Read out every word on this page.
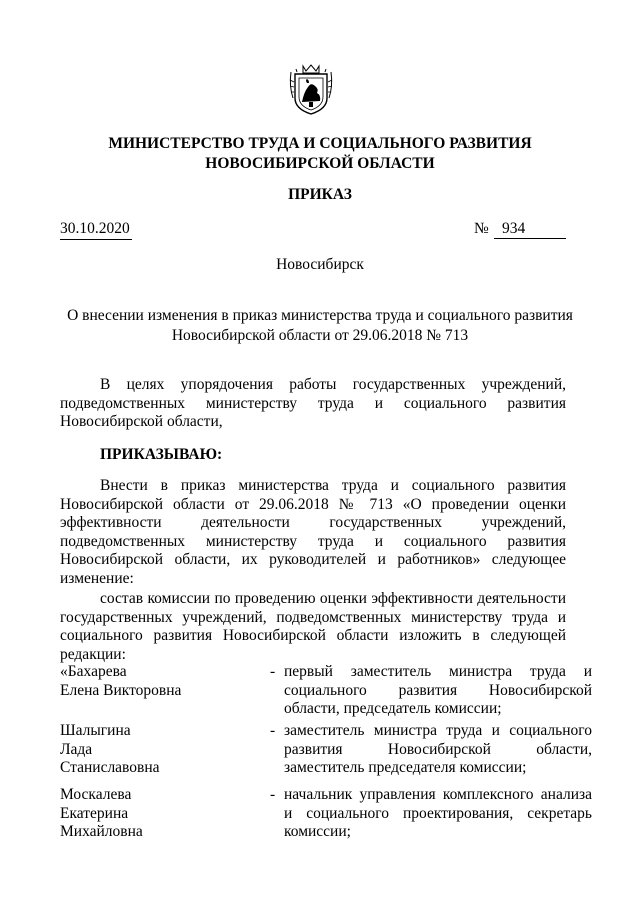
МИНИСТЕРСТВО ТРУДА И СОЦИАЛЬНОГО РАЗВИТИЯ
НОВОСИБИРСКОЙ ОБЛАСТИ
ПРИКАЗ
30.10.2020	№ 934
Новосибирск
О внесении изменения в приказ министерства труда и социального развития
Новосибирской области от 29.06.2018 № 713
В целях упорядочения работы государственных учреждений, подведомственных министерству труда и социального развития Новосибирской области,
ПРИКАЗЫВАЮ:
Внести в приказ министерства труда и социального развития Новосибирской области от 29.06.2018 № 713 «О проведении оценки эффективности деятельности государственных учреждений, подведомственных министерству труда и социального развития Новосибирской области, их руководителей и работников» следующее изменение:
состав комиссии по проведению оценки эффективности деятельности государственных учреждений, подведомственных министерству труда и социального развития Новосибирской области изложить в следующей редакции:
«Бахарева
Елена Викторовна
- первый заместитель министра труда и социального развития Новосибирской области, председатель комиссии;
Шалыгина
Лада
Станиславовна
- заместитель министра труда и социального развития Новосибирской области, заместитель председателя комиссии;
Москалева
Екатерина
Михайловна
- начальник управления комплексного анализа и социального проектирования, секретарь комиссии;
